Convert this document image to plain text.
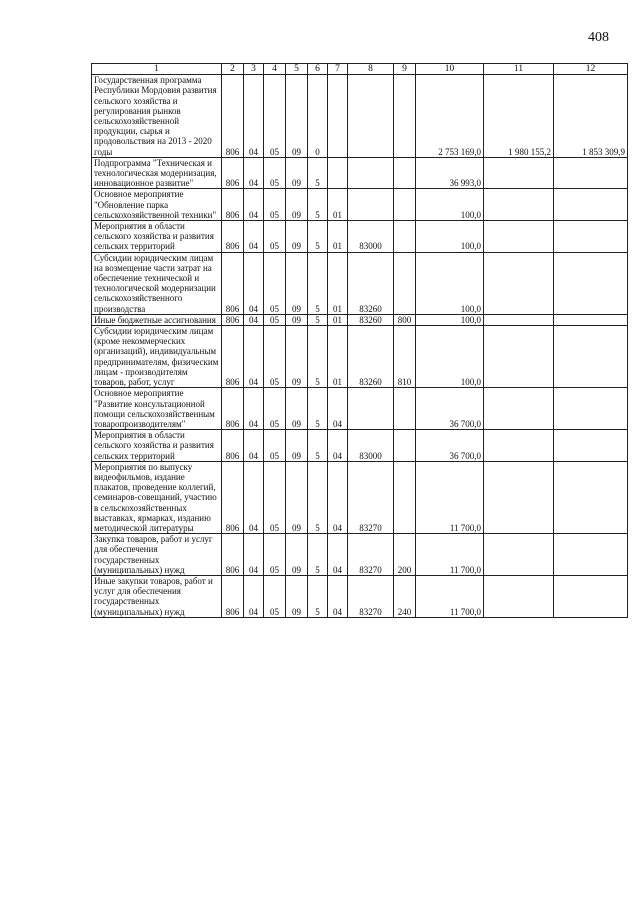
408
1	2	3	4	5	6	7	8	9	10	11	12
Государственная программа Республики Мордовия развития сельского хозяйства и регулирования рынков сельскохозяйственной продукции, сырья и продовольствия на 2013 - 2020 годы	806	04	05	09	0				2 753 169,0	1 980 155,2	1 853 309,9
Подпрограмма "Техническая и технологическая модернизация, инновационное развитие"	806	04	05	09	5				36 993,0		
Основное мероприятие "Обновление парка сельскохозяйственной техники"	806	04	05	09	5	01			100,0		
Мероприятия в области сельского хозяйства и развития сельских территорий	806	04	05	09	5	01	83000		100,0		
Субсидии юридическим лицам на возмещение части затрат на обеспечение технической и технологической модернизации сельскохозяйственного производства	806	04	05	09	5	01	83260		100,0		
Иные бюджетные ассигнования	806	04	05	09	5	01	83260	800	100,0		
Субсидии юридическим лицам (кроме некоммерческих организаций), индивидуальным предпринимателям, физическим лицам - производителям товаров, работ, услуг	806	04	05	09	5	01	83260	810	100,0		
Основное мероприятие "Развитие консультационной помощи сельскохозяйственным товаропроизводителям"	806	04	05	09	5	04			36 700,0		
Мероприятия в области сельского хозяйства и развития сельских территорий	806	04	05	09	5	04	83000		36 700,0		
Мероприятия по выпуску видеофильмов, издание плакатов, проведение коллегий, семинаров-совещаний, участию в сельскохозяйственных выставках, ярмарках, изданию методической литературы	806	04	05	09	5	04	83270		11 700,0		
Закупка товаров, работ и услуг для обеспечения государственных (муниципальных) нужд	806	04	05	09	5	04	83270	200	11 700,0		
Иные закупки товаров, работ и услуг для обеспечения государственных (муниципальных) нужд	806	04	05	09	5	04	83270	240	11 700,0		
